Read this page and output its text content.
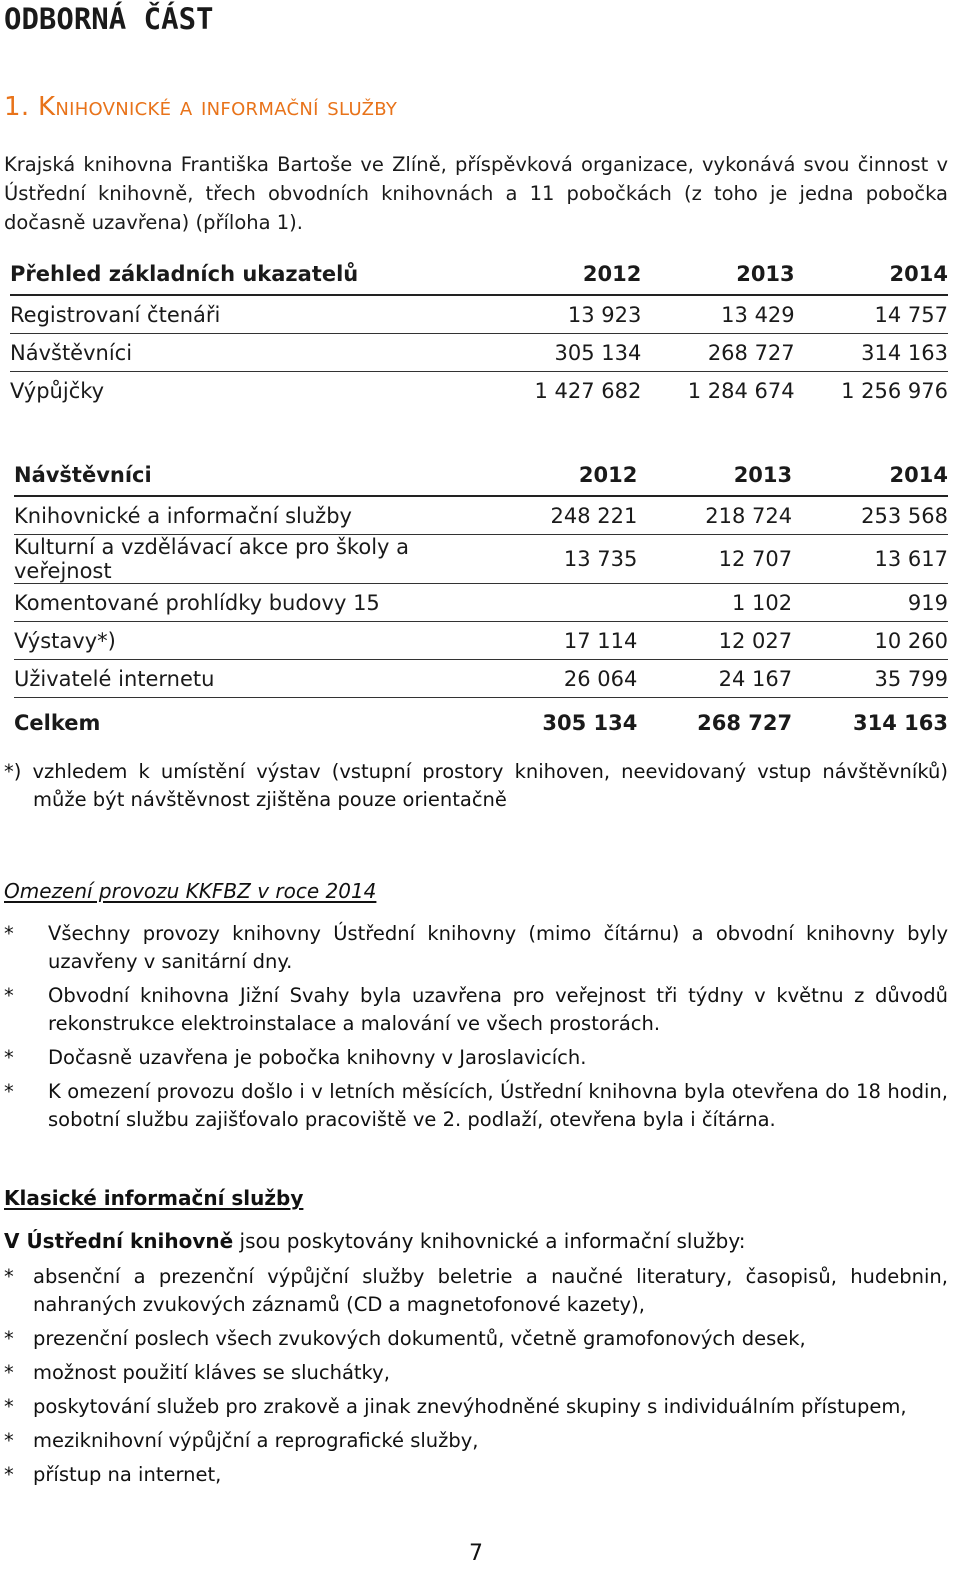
ODBORNÁ ČÁST
1. Knihovnické a informační služby
Krajská knihovna Františka Bartoše ve Zlíně, příspěvková organizace, vykonává svou činnost v Ústřední knihovně, třech obvodních knihovnách a 11 pobočkách (z toho je jedna pobočka dočasně uzavřena) (příloha 1).
Přehled základních ukazatelů	2012	2013	2014
Registrovaní čtenáři	13 923	13 429	14 757
Návštěvníci	305 134	268 727	314 163
Výpůjčky	1 427 682	1 284 674	1 256 976
Návštěvníci	2012	2013	2014
Knihovnické a informační služby	248 221	218 724	253 568
Kulturní a vzdělávací akce pro školy a veřejnost	13 735	12 707	13 617
Komentované prohlídky budovy 15		1 102	919
Výstavy*)	17 114	12 027	10 260
Uživatelé internetu	26 064	24 167	35 799
Celkem	305 134	268 727	314 163
*) vzhledem k umístění výstav (vstupní prostory knihoven, neevidovaný vstup návštěvníků) může být návštěvnost zjištěna pouze orientačně
Omezení provozu KKFBZ v roce 2014
* Všechny provozy knihovny Ústřední knihovny (mimo čítárnu) a obvodní knihovny byly uzavřeny v sanitární dny.
* Obvodní knihovna Jižní Svahy byla uzavřena pro veřejnost tři týdny v květnu z důvodů rekonstrukce elektroinstalace a malování ve všech prostorách.
* Dočasně uzavřena je pobočka knihovny v Jaroslavicích.
* K omezení provozu došlo i v letních měsících, Ústřední knihovna byla otevřena do 18 hodin, sobotní službu zajišťovalo pracoviště ve 2. podlaží, otevřena byla i čítárna.
Klasické informační služby
V Ústřední knihovně jsou poskytovány knihovnické a informační služby:
* absenční a prezenční výpůjční služby beletrie a naučné literatury, časopisů, hudebnin, nahraných zvukových záznamů (CD a magnetofonové kazety),
* prezenční poslech všech zvukových dokumentů, včetně gramofonových desek,
* možnost použití kláves se sluchátky,
* poskytování služeb pro zrakově a jinak znevýhodněné skupiny s individuálním přístupem,
* meziknihovní výpůjční a reprografické služby,
* přístup na internet,
7
